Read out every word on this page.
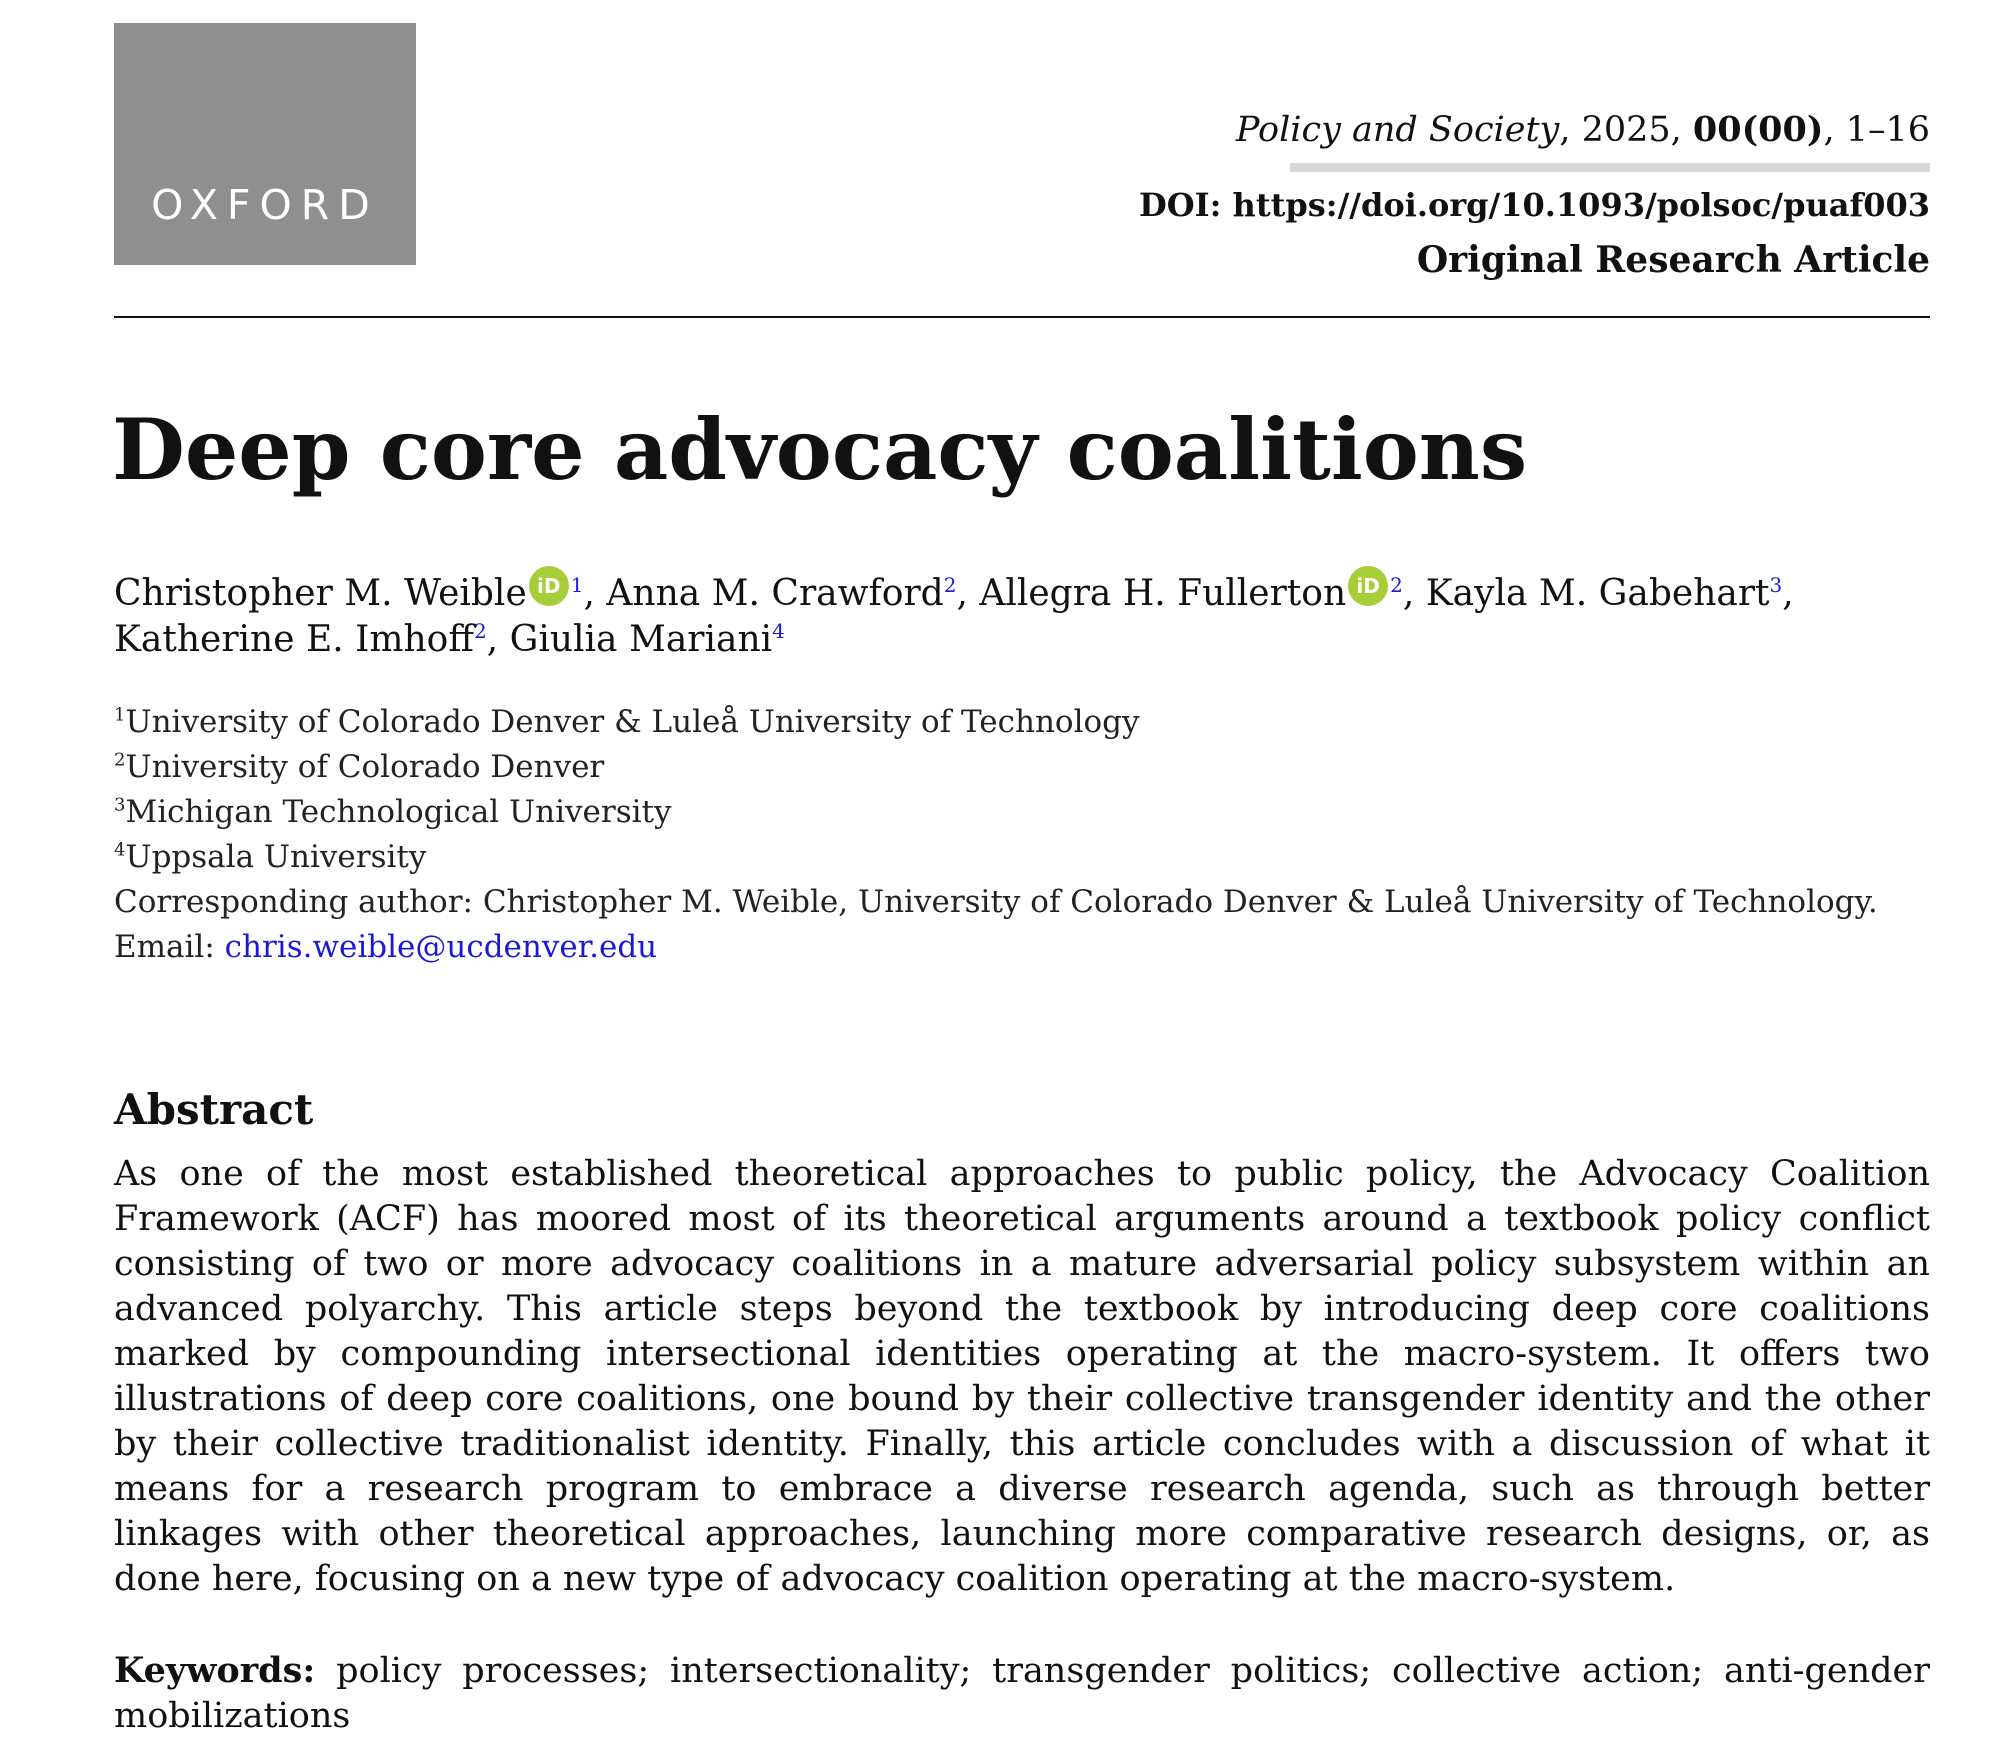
OXFORD
Policy and Society, 2025, 00(00), 1–16
DOI: https://doi.org/10.1093/polsoc/puaf003
Original Research Article
Deep core advocacy coalitions
Christopher M. Weible iD $^1$, Anna M. Crawford$^2$, Allegra H. Fullerton iD $^2$, Kayla M. Gabehart$^3$,
Katherine E. Imhoff$^2$, Giulia Mariani$^4$
$^1$University of Colorado Denver & Luleå University of Technology
$^2$University of Colorado Denver
$^3$Michigan Technological University
$^4$Uppsala University
Corresponding author: Christopher M. Weible, University of Colorado Denver & Luleå University of Technology.
Email: chris.weible@ucdenver.edu
Abstract

As one of the most established theoretical approaches to public policy, the Advocacy Coalition Framework (ACF) has moored most of its theoretical arguments around a textbook policy conflict consisting of two or more advocacy coalitions in a mature adversarial policy subsystem within an advanced polyarchy. This article steps beyond the textbook by introducing deep core coalitions marked by compounding intersectional identities operating at the macro-system. It offers two illustrations of deep core coalitions, one bound by their collective transgender identity and the other by their collective traditionalist identity. Finally, this article concludes with a discussion of what it means for a research program to embrace a diverse research agenda, such as through better linkages with other theoretical approaches, launching more comparative research designs, or, as done here, focusing on a new type of advocacy coalition operating at the macro-system.

Keywords: policy processes; intersectionality; transgender politics; collective action; anti-gender mobilizations
